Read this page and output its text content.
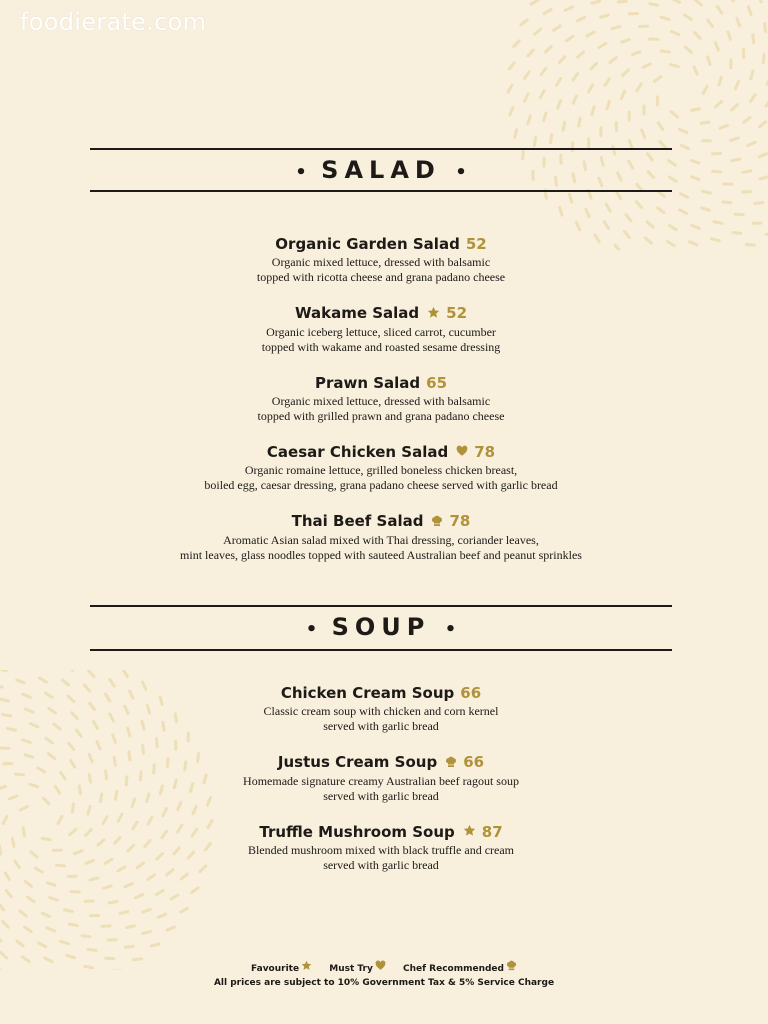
foodierate.com
• SALAD •
Organic Garden Salad 52
Organic mixed lettuce, dressed with balsamic
topped with ricotta cheese and grana padano cheese
Wakame Salad 52
Organic iceberg lettuce, sliced carrot, cucumber
topped with wakame and roasted sesame dressing
Prawn Salad 65
Organic mixed lettuce, dressed with balsamic
topped with grilled prawn and grana padano cheese
Caesar Chicken Salad 78
Organic romaine lettuce, grilled boneless chicken breast,
boiled egg, caesar dressing, grana padano cheese served with garlic bread
Thai Beef Salad 78
Aromatic Asian salad mixed with Thai dressing, coriander leaves,
mint leaves, glass noodles topped with sauteed Australian beef and peanut sprinkles
• SOUP •
Chicken Cream Soup 66
Classic cream soup with chicken and corn kernel
served with garlic bread
Justus Cream Soup 66
Homemade signature creamy Australian beef ragout soup
served with garlic bread
Truffle Mushroom Soup 87
Blended mushroom mixed with black truffle and cream
served with garlic bread
Favourite	Must Try	Chef Recommended
All prices are subject to 10% Government Tax & 5% Service Charge
